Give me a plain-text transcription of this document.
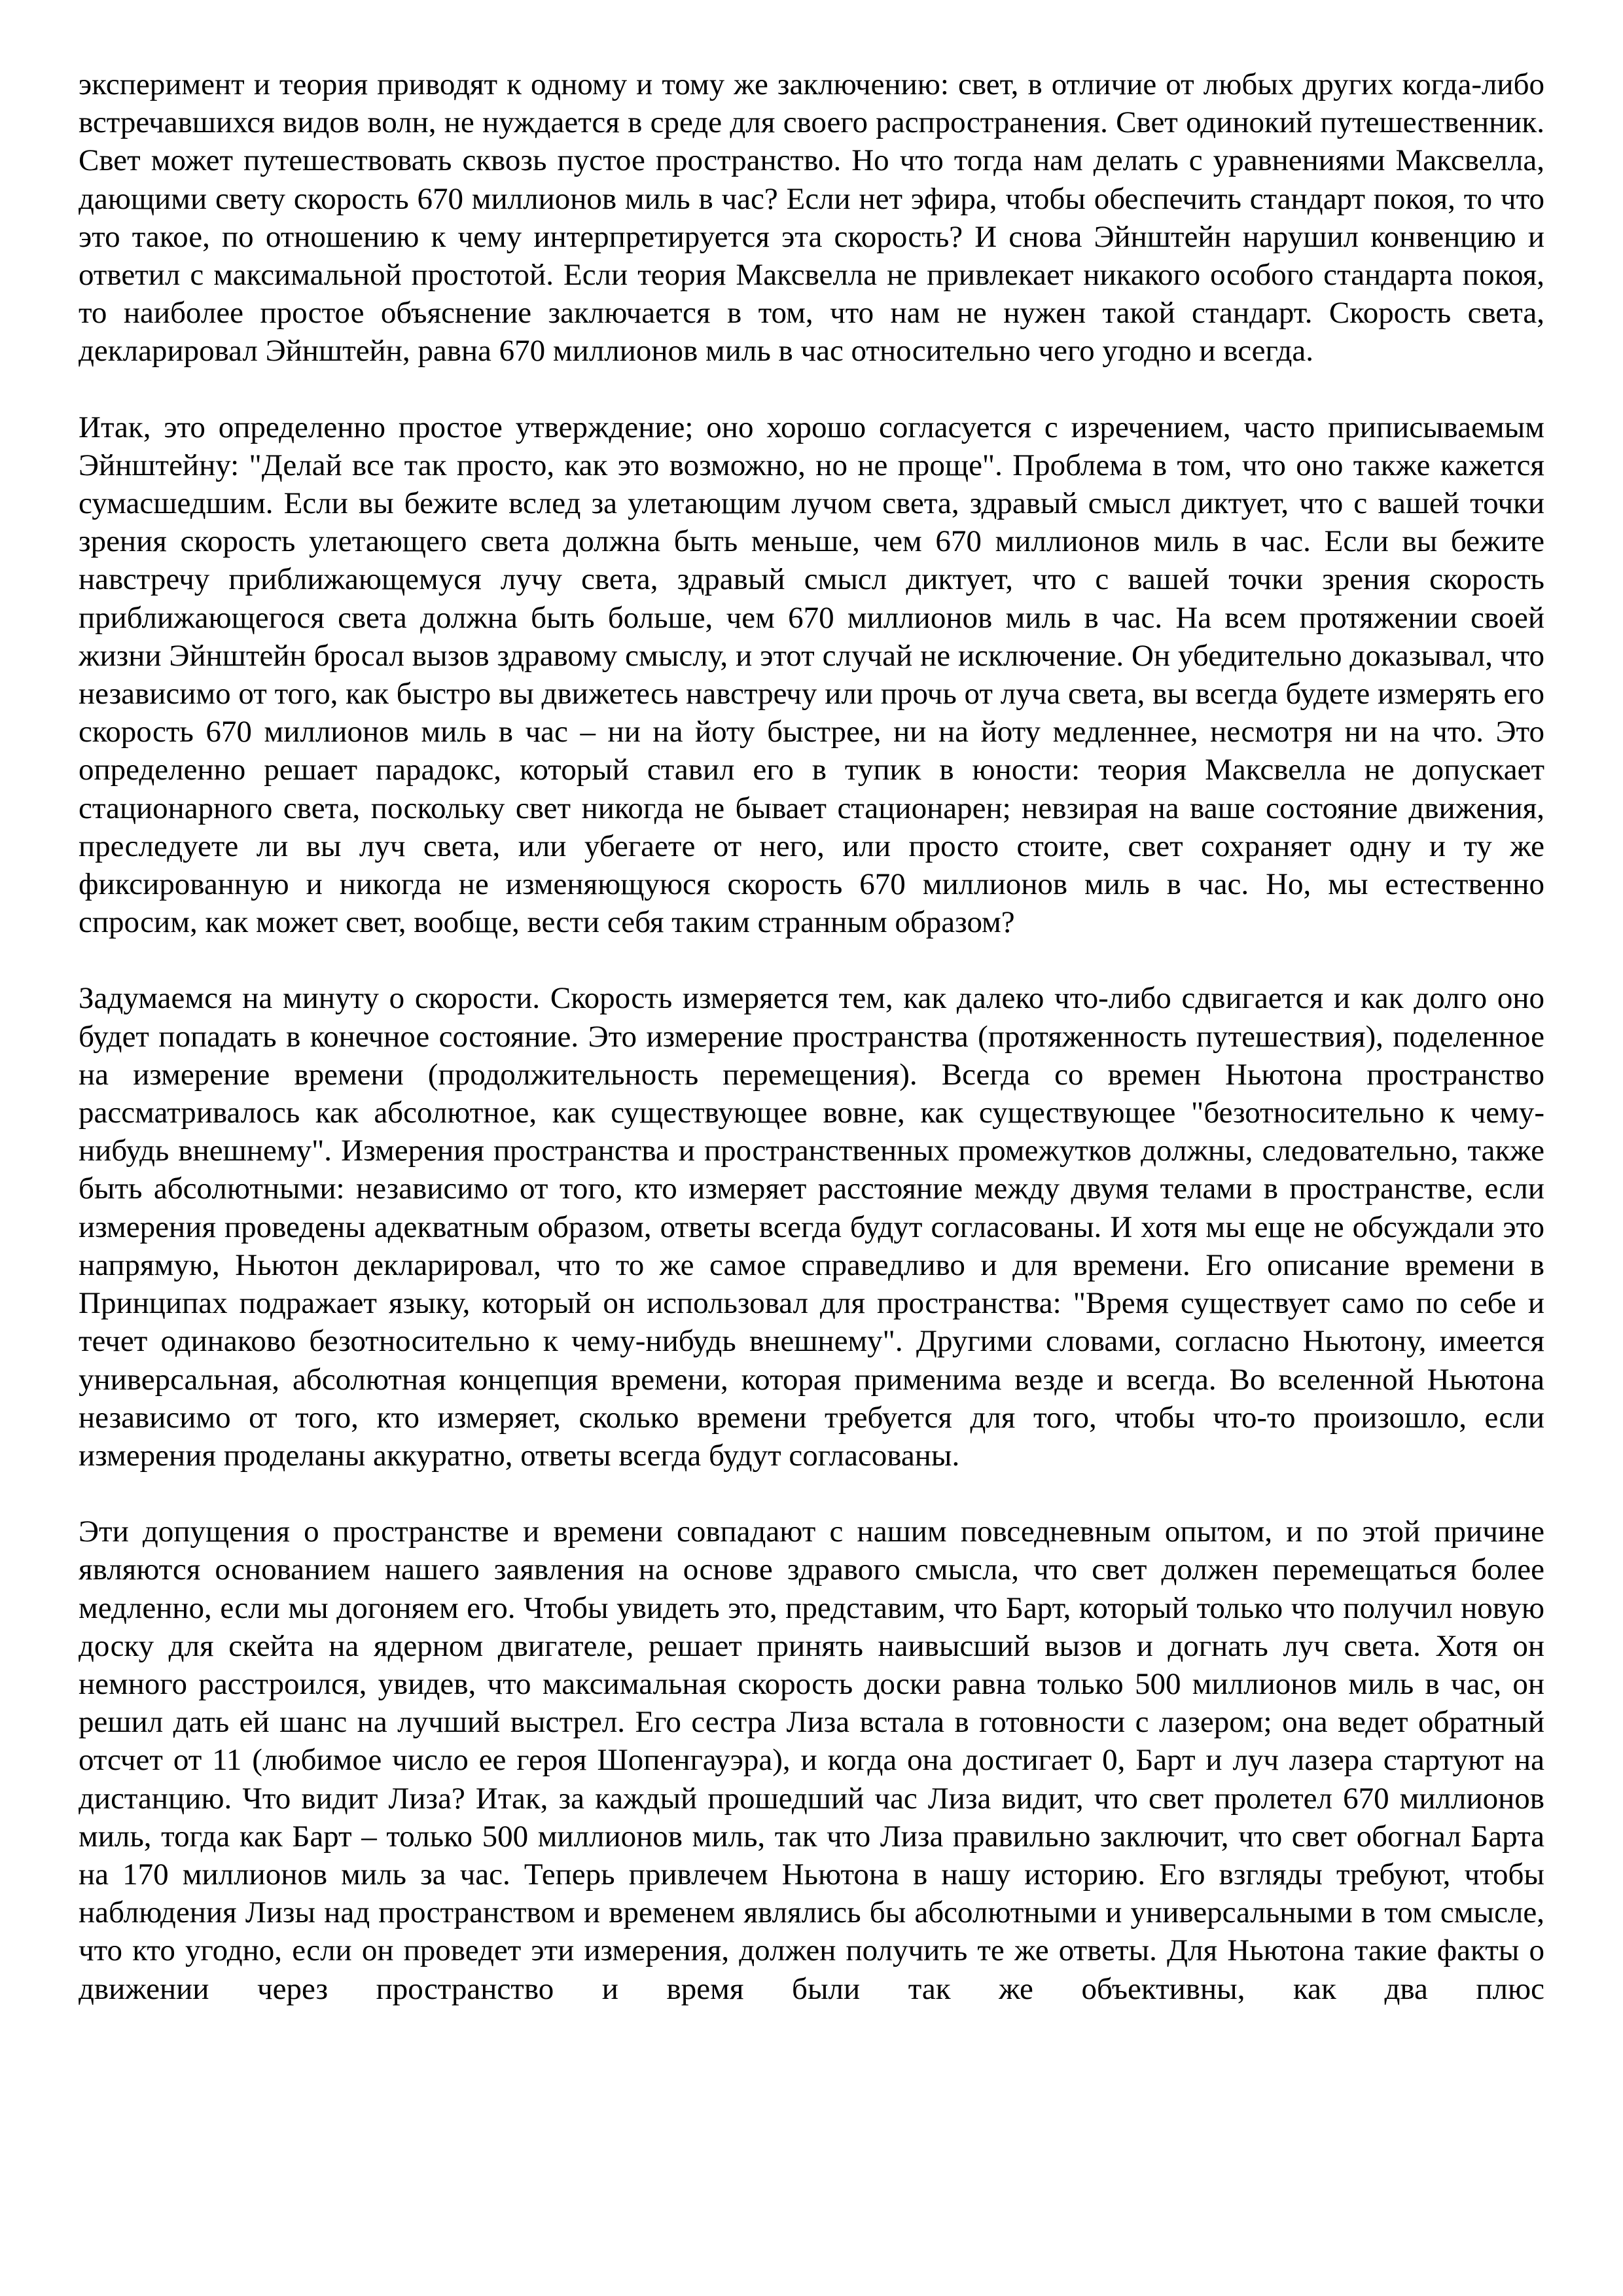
эксперимент и теория приводят к одному и тому же заключению: свет, в отличие от любых других когда-либо встречавшихся видов волн, не нуждается в среде для своего распространения. Свет одинокий путешественник. Свет может путешествовать сквозь пустое пространство. Но что тогда нам делать с уравнениями Максвелла, дающими свету скорость 670 миллионов миль в час? Если нет эфира, чтобы обеспечить стандарт покоя, то что это такое, по отношению к чему интерпретируется эта скорость? И снова Эйнштейн нарушил конвенцию и ответил с максимальной простотой. Если теория Максвелла не привлекает никакого особого стандарта покоя, то наиболее простое объяснение заключается в том, что нам не нужен такой стандарт. Скорость света, декларировал Эйнштейн, равна 670 миллионов миль в час относительно чего угодно и всегда.

Итак, это определенно простое утверждение; оно хорошо согласуется с изречением, часто приписываемым Эйнштейну: "Делай все так просто, как это возможно, но не проще". Проблема в том, что оно также кажется сумасшедшим. Если вы бежите вслед за улетающим лучом света, здравый смысл диктует, что с вашей точки зрения скорость улетающего света должна быть меньше, чем 670 миллионов миль в час. Если вы бежите навстречу приближающемуся лучу света, здравый смысл диктует, что с вашей точки зрения скорость приближающегося света должна быть больше, чем 670 миллионов миль в час. На всем протяжении своей жизни Эйнштейн бросал вызов здравому смыслу, и этот случай не исключение. Он убедительно доказывал, что независимо от того, как быстро вы движетесь навстречу или прочь от луча света, вы всегда будете измерять его скорость 670 миллионов миль в час – ни на йоту быстрее, ни на йоту медленнее, несмотря ни на что. Это определенно решает парадокс, который ставил его в тупик в юности: теория Максвелла не допускает стационарного света, поскольку свет никогда не бывает стационарен; невзирая на ваше состояние движения, преследуете ли вы луч света, или убегаете от него, или просто стоите, свет сохраняет одну и ту же фиксированную и никогда не изменяющуюся скорость 670 миллионов миль в час. Но, мы естественно спросим, как может свет, вообще, вести себя таким странным образом?

Задумаемся на минуту о скорости. Скорость измеряется тем, как далеко что-либо сдвигается и как долго оно будет попадать в конечное состояние. Это измерение пространства (протяженность путешествия), поделенное на измерение времени (продолжительность перемещения). Всегда со времен Ньютона пространство рассматривалось как абсолютное, как существующее вовне, как существующее "безотносительно к чему-нибудь внешнему". Измерения пространства и пространственных промежутков должны, следовательно, также быть абсолютными: независимо от того, кто измеряет расстояние между двумя телами в пространстве, если измерения проведены адекватным образом, ответы всегда будут согласованы. И хотя мы еще не обсуждали это напрямую, Ньютон декларировал, что то же самое справедливо и для времени. Его описание времени в Принципах подражает языку, который он использовал для пространства: "Время существует само по себе и течет одинаково безотносительно к чему-нибудь внешнему". Другими словами, согласно Ньютону, имеется универсальная, абсолютная концепция времени, которая применима везде и всегда. Во вселенной Ньютона независимо от того, кто измеряет, сколько времени требуется для того, чтобы что-то произошло, если измерения проделаны аккуратно, ответы всегда будут согласованы.

Эти допущения о пространстве и времени совпадают с нашим повседневным опытом, и по этой причине являются основанием нашего заявления на основе здравого смысла, что свет должен перемещаться более медленно, если мы догоняем его. Чтобы увидеть это, представим, что Барт, который только что получил новую доску для скейта на ядерном двигателе, решает принять наивысший вызов и догнать луч света. Хотя он немного расстроился, увидев, что максимальная скорость доски равна только 500 миллионов миль в час, он решил дать ей шанс на лучший выстрел. Его сестра Лиза встала в готовности с лазером; она ведет обратный отсчет от 11 (любимое число ее героя Шопенгауэра), и когда она достигает 0, Барт и луч лазера стартуют на дистанцию. Что видит Лиза? Итак, за каждый прошедший час Лиза видит, что свет пролетел 670 миллионов миль, тогда как Барт – только 500 миллионов миль, так что Лиза правильно заключит, что свет обогнал Барта на 170 миллионов миль за час. Теперь привлечем Ньютона в нашу историю. Его взгляды требуют, чтобы наблюдения Лизы над пространством и временем являлись бы абсолютными и универсальными в том смысле, что кто угодно, если он проведет эти измерения, должен получить те же ответы. Для Ньютона такие факты о движении через пространство и время были так же объективны, как два плюс
